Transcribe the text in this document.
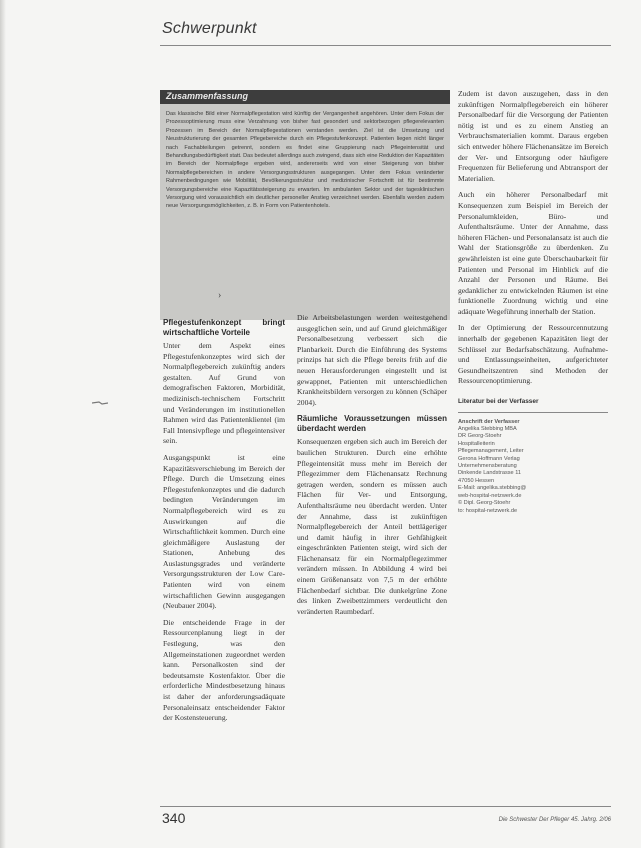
Schwerpunkt
Zusammenfassung
Das klassische Bild einer Normalpflegestation wird künftig der Vergangenheit angehören. Unter dem Fokus der Prozessoptimierung muss eine Verzahnung von bisher fast gesondert und sektorbezogen pflegerelevanten Prozessen im Bereich der Normalpflegestationen verstanden werden. Ziel ist die Umsetzung und Neustrukturierung der gesamten Pflegebereiche durch ein Pflegestufenkonzept. Patienten liegen nicht länger nach Fachabteilungen getrennt, sondern es findet eine Gruppierung nach Pflegeintensität und Behandlungsbedürftigkeit statt. Das bedeutet allerdings auch zwingend, dass sich eine Reduktion der Kapazitäten im Bereich der Normalpflege ergeben wird, andererseits wird von einer Steigerung von bisher Normalpflegebereichen in andere Versorgungsstrukturen ausgegangen. Unter dem Fokus veränderter Rahmenbedingungen wie Mobilität, Bevölkerungsstruktur und medizinischer Fortschritt ist für bestimmte Versorgungsbereiche eine Kapazitätssteigerung zu erwarten. Im ambulanten Sektor und der tagesklinischen Versorgung wird voraussichtlich ein deutlicher personeller Anstieg verzeichnet werden. Ebenfalls werden zudem neue Versorgungsmöglichkeiten, z. B. in Form von Patientenhotels.
›
Pflegestufenkonzept bringt wirtschaftliche Vorteile

Unter dem Aspekt eines Pflegestufenkonzeptes wird sich der Normalpflegebereich zukünftig anders gestalten. Auf Grund von demografischen Faktoren, Morbidität, medizinisch-technischem Fortschritt und Veränderungen im institutionellen Rahmen wird das Patientenklientel (im Fall Intensivpflege und pflegeintensiver sein.

Ausgangspunkt ist eine Kapazitätsverschiebung im Bereich der Pflege. Durch die Umsetzung eines Pflegestufenkonzeptes und die dadurch bedingten Veränderungen im Normalpflegebereich wird es zu Auswirkungen auf die Wirtschaftlichkeit kommen. Durch eine gleichmäßigere Auslastung der Stationen, Anhebung des Auslastungsgrades und veränderte Versorgungsstrukturen der Low Care-Patienten wird von einem wirtschaftlichen Gewinn ausgegangen (Neubauer 2004).

Die entscheidende Frage in der Ressourcenplanung liegt in der Festlegung, was den Allgemeinstationen zugeordnet werden kann. Personalkosten sind der bedeutsamste Kostenfaktor. Über die erforderliche Mindestbesetzung hinaus ist daher der anforderungsadäquate Personaleinsatz entscheidender Faktor der Kostensteuerung.

Die Arbeitsbelastungen werden weitestgehend ausgeglichen sein, und auf Grund gleichmäßiger Personalbesetzung verbessert sich die Planbarkeit. Durch die Einführung des Systems prinzips hat sich die Pflege bereits früh auf die neuen Herausforderungen eingestellt und ist gewappnet, Patienten mit unterschiedlichen Krankheitsbildern versorgen zu können (Schäper 2004).

Räumliche Voraussetzungen müssen überdacht werden

Konsequenzen ergeben sich auch im Bereich der baulichen Strukturen. Durch eine erhöhte Pflegeintensität muss mehr im Bereich der Pflegezimmer dem Flächenansatz Rechnung getragen werden, sondern es müssen auch Flächen für Ver- und Entsorgung, Aufenthaltsräume neu überdacht werden. Unter der Annahme, dass ist zukünftigen Normalpflegebereich der Anteil bettlägeriger und damit häufig in ihrer Gehfähigkeit eingeschränkten Patienten steigt, wird sich der Flächenansatz für ein Normalpflegezimmer verändern müssen. In Abbildung 4 wird bei einem Größenansatz von 7,5 m der erhöhte Flächenbedarf sichtbar. Die dunkelgrüne Zone des linken Zweibettzimmers verdeutlicht den veränderten Raumbedarf.

Zudem ist davon auszugehen, dass in den zukünftigen Normalpflegebereich ein höherer Personalbedarf für die Versorgung der Patienten nötig ist und es zu einem Anstieg an Verbrauchsmaterialien kommt. Daraus ergeben sich entweder höhere Flächenansätze im Bereich der Ver- und Entsorgung oder häufigere Frequenzen für Belieferung und Abtransport der Materialien.

Auch ein höherer Personalbedarf mit Konsequenzen zum Beispiel im Bereich der Personalumkleiden, Büro- und Aufenthaltsräume. Unter der Annahme, dass höheren Flächen- und Personalansatz ist auch die Wahl der Stationsgröße zu überdenken. Zu gewährleisten ist eine gute Überschaubarkeit für Patienten und Personal im Hinblick auf die Anzahl der Personen und Räume. Bei gedanklicher zu entwickelnden Räumen ist eine funktionelle Zuordnung wichtig und eine adäquate Wegeführung innerhalb der Station.

In der Optimierung der Ressourcennutzung innerhalb der gegebenen Kapazitäten liegt der Schlüssel zur Bedarfsabschätzung. Aufnahme- und Entlassungseinheiten, aufgerichteter Gesundheitszentren sind Methoden der Ressourcenoptimierung.

Literatur bei der Verfasser
Anschrift der Verfasser
Angelika Stebbing MBA
DR Georg-Stoehr
Hospitalleiterin
Pflegemanagement, Leiter
Gerona Hoffmann Verlag
Unternehmensberatung
Dinkende Landstrasse 11
47050 Hessen
E-Mail: angelika.stebbing@
web-hospital-netzwerk.de
© Dipl. Georg-Stoehr
to: hospital-netzwerk.de
340	Die Schwester Der Pfleger 45. Jahrg. 2/06
